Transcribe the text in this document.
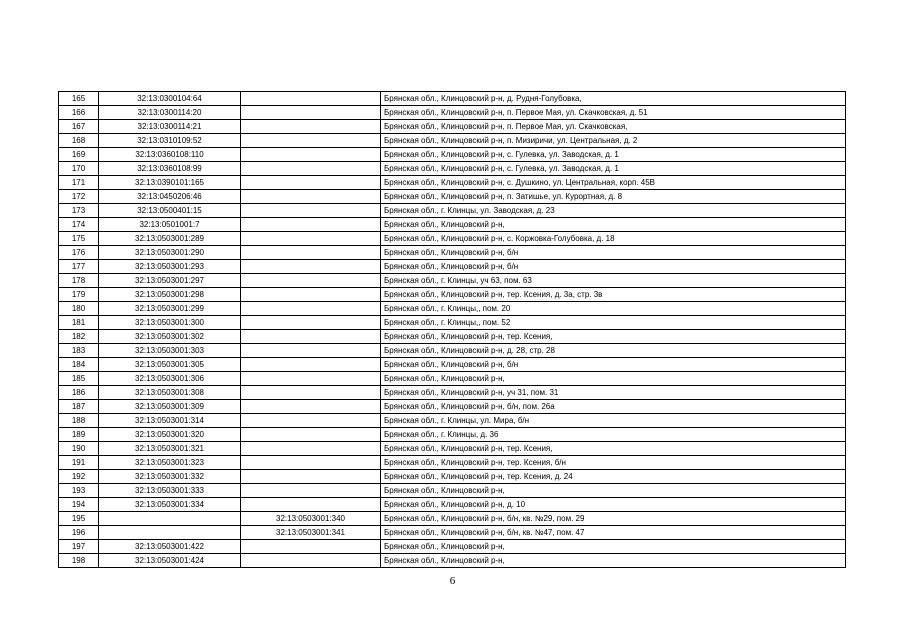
165	32:13:0300104:64		Брянская обл., Клинцовский р-н, д. Рудня-Голубовка,
166	32:13:0300114:20		Брянская обл., Клинцовский р-н, п. Первое Мая, ул. Скачковская, д. 51
167	32:13:0300114:21		Брянская обл., Клинцовский р-н, п. Первое Мая, ул. Скачковская,
168	32:13:0310109:52		Брянская обл., Клинцовский р-н, п. Мизиричи, ул. Центральная, д. 2
169	32:13:0360108:110		Брянская обл., Клинцовский р-н, с. Гулевка, ул. Заводская, д. 1
170	32:13:0360108:99		Брянская обл., Клинцовский р-н, с. Гулевка, ул. Заводская, д. 1
171	32:13:0390101:165		Брянская обл., Клинцовский р-н, с. Душкино, ул. Центральная, корп. 45В
172	32:13:0450206:46		Брянская обл., Клинцовский р-н, п. Затишье, ул. Курортная, д. 8
173	32:13:0500401:15		Брянская обл., г. Клинцы, ул. Заводская, д. 23
174	32:13:0501001:7		Брянская обл., Клинцовский р-н,
175	32:13:0503001:289		Брянская обл., Клинцовский р-н, с. Коржовка-Голубовка, д. 18
176	32:13:0503001:290		Брянская обл., Клинцовский р-н, б/н
177	32:13:0503001:293		Брянская обл., Клинцовский р-н, б/н
178	32:13:0503001:297		Брянская обл., г. Клинцы, уч 63, пом. 63
179	32:13:0503001:298		Брянская обл., Клинцовский р-н, тер. Ксения, д. 3а, стр. 3в
180	32:13:0503001:299		Брянская обл., г. Клинцы,, пом. 20
181	32:13:0503001:300		Брянская обл., г. Клинцы,, пом. 52
182	32:13:0503001:302		Брянская обл., Клинцовский р-н, тер. Ксения,
183	32:13:0503001:303		Брянская обл., Клинцовский р-н, д. 28, стр. 28
184	32:13:0503001:305		Брянская обл., Клинцовский р-н, б/н
185	32:13:0503001:306		Брянская обл., Клинцовский р-н,
186	32:13:0503001:308		Брянская обл., Клинцовский р-н, уч 31, пом. 31
187	32:13:0503001:309		Брянская обл., Клинцовский р-н, б/н, пом. 26а
188	32:13:0503001:314		Брянская обл., г. Клинцы, ул. Мира, б/н
189	32:13:0503001:320		Брянская обл., г. Клинцы, д. 36
190	32:13:0503001:321		Брянская обл., Клинцовский р-н, тер. Ксения,
191	32:13:0503001:323		Брянская обл., Клинцовский р-н, тер. Ксения, б/н
192	32:13:0503001:332		Брянская обл., Клинцовский р-н, тер. Ксения, д. 24
193	32:13:0503001:333		Брянская обл., Клинцовский р-н,
194	32:13:0503001:334		Брянская обл., Клинцовский р-н, д. 10
195		32:13:0503001:340	Брянская обл., Клинцовский р-н, б/н, кв. №29, пом. 29
196		32:13:0503001:341	Брянская обл., Клинцовский р-н, б/н, кв. №47, пом. 47
197	32:13:0503001:422		Брянская обл., Клинцовский р-н,
198	32:13:0503001:424		Брянская обл., Клинцовский р-н,
6
